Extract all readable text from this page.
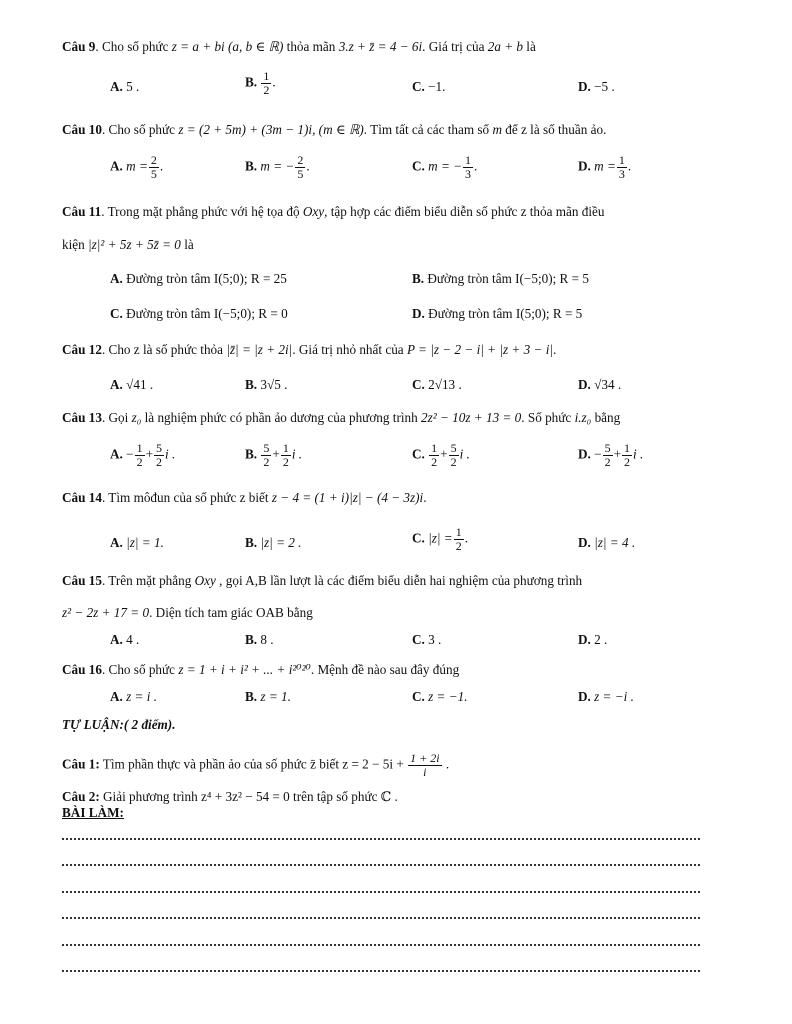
Câu 9. Cho số phức z = a + bi (a, b ∈ ℝ) thỏa mãn 3.z + z̄ = 4 − 6i. Giá trị của 2a + b là
A. 5 .	B. $\frac{1}{2}$ .	C. −1.	D. −5 .
Câu 10. Cho số phức z = (2 + 5m) + (3m − 1)i, (m ∈ ℝ). Tìm tất cả các tham số m để z là số thuần ảo.
A. $m = \frac{2}{5}$ .	B. m = − $\frac{2}{5}$ .	C. m = − $\frac{1}{3}$ .	D. $m = \frac{1}{3}$ .
Câu 11. Trong mặt phẳng phức với hệ tọa độ Oxy, tập hợp các điểm biểu diễn số phức z thỏa mãn điều
kiện |z|² + 5z + 5z̄ = 0 là
A. Đường tròn tâm I(5;0); R = 25	B. Đường tròn tâm I(−5;0); R = 5
C. Đường tròn tâm I(−5;0); R = 0	D. Đường tròn tâm I(5;0); R = 5
Câu 12. Cho z là số phức thỏa |z̄| = |z + 2i|. Giá trị nhỏ nhất của P = |z − 2 − i| + |z + 3 − i|.
A. √41 .	B. 3√5 .	C. 2√13 .	D. √34 .
Câu 13. Gọi z₀ là nghiệm phức có phần ảo dương của phương trình 2z² − 10z + 13 = 0. Số phức i.z₀ bằng
A. − $\frac{1}{2} + \frac{5}{2}$ i .	B. $\frac{5}{2} + \frac{1}{2}$ i .	C. $\frac{1}{2} + \frac{5}{2}$ i .	D. − $\frac{5}{2} + \frac{1}{2}$ i .
Câu 14. Tìm môđun của số phức z biết z − 4 = (1 + i)|z| − (4 − 3z)i.
A. |z| = 1.	B. |z| = 2 .	C. $|z| = \frac{1}{2}$ .	D. |z| = 4 .
Câu 15. Trên mặt phẳng Oxy , gọi A,B lần lượt là các điểm biểu diễn hai nghiệm của phương trình
z² − 2z + 17 = 0. Diện tích tam giác OAB bằng
A. 4 .	B. 8 .	C. 3 .	D. 2 .
Câu 16. Cho số phức z = 1 + i + i² + ... + i²⁰²⁰. Mệnh đề nào sau đây đúng
A. z = i .	B. z = 1.	C. z = −1.	D. z = −i .
TỰ LUẬN:( 2 điểm).
Câu 1: Tìm phần thực và phần ảo của số phức z̄ biết $z = 2 - 5i + \frac{1 + 2i}{i}$ .
Câu 2: Giải phương trình z⁴ + 3z² − 54 = 0 trên tập số phức ℂ .
BÀI LÀM:
